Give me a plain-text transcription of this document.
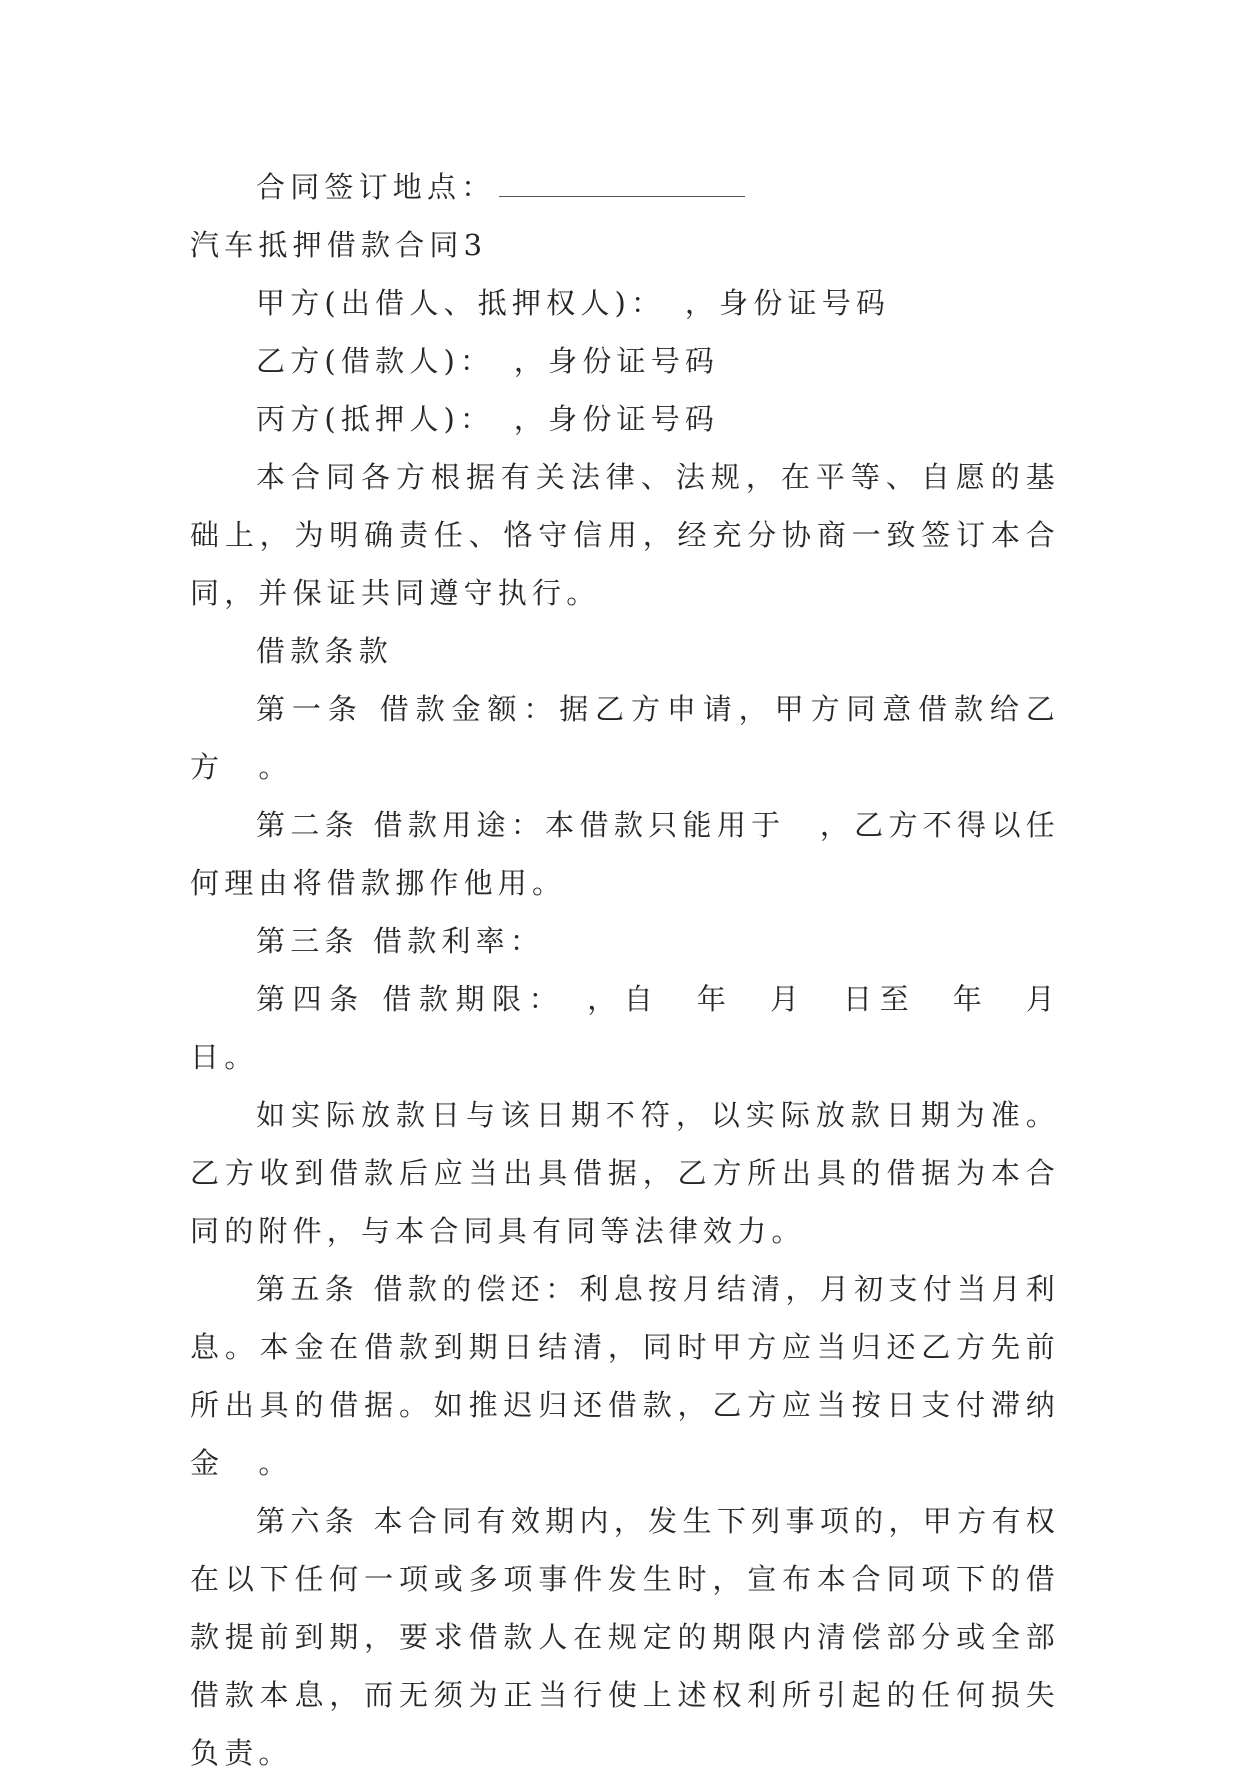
合同签订地点：

汽车抵押借款合同3

甲方(出借人、抵押权人)：　，身份证号码

乙方(借款人)：　，身份证号码

丙方(抵押人)：　，身份证号码

本合同各方根据有关法律、法规，在平等、自愿的基础上，为明确责任、恪守信用，经充分协商一致签订本合同，并保证共同遵守执行。

借款条款

第一条 借款金额：据乙方申请，甲方同意借款给乙方　。

第二条 借款用途：本借款只能用于　，乙方不得以任何理由将借款挪作他用。

第三条 借款利率：

第四条 借款期限：　，自　年　月　日至　年　月　日。

如实际放款日与该日期不符，以实际放款日期为准。乙方收到借款后应当出具借据，乙方所出具的借据为本合同的附件，与本合同具有同等法律效力。

第五条 借款的偿还：利息按月结清，月初支付当月利息。本金在借款到期日结清，同时甲方应当归还乙方先前所出具的借据。如推迟归还借款，乙方应当按日支付滞纳金　。

第六条 本合同有效期内，发生下列事项的，甲方有权在以下任何一项或多项事件发生时，宣布本合同项下的借款提前到期，要求借款人在规定的期限内清偿部分或全部借款本息，而无须为正当行使上述权利所引起的任何损失负责。
